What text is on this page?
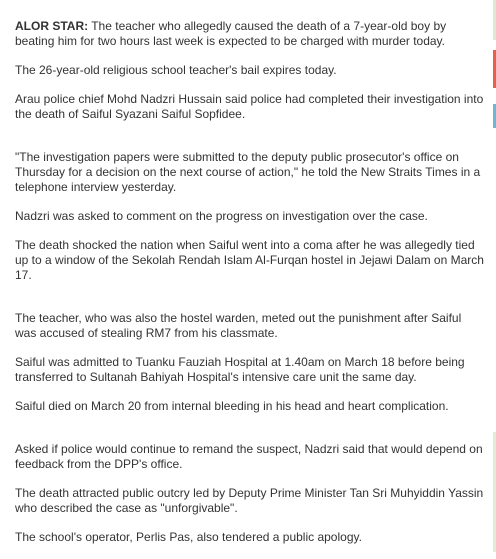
ALOR STAR: The teacher who allegedly caused the death of a 7-year-old boy by beating him for two hours last week is expected to be charged with murder today.

The 26-year-old religious school teacher's bail expires today.

Arau police chief Mohd Nadzri Hussain said police had completed their investigation into the death of Saiful Syazani Saiful Sopfidee.

"The investigation papers were submitted to the deputy public prosecutor's office on Thursday for a decision on the next course of action," he told the New Straits Times in a telephone interview yesterday.

Nadzri was asked to comment on the progress on investigation over the case.

The death shocked the nation when Saiful went into a coma after he was allegedly tied up to a window of the Sekolah Rendah Islam Al-Furqan hostel in Jejawi Dalam on March 17.

The teacher, who was also the hostel warden, meted out the punishment after Saiful was accused of stealing RM7 from his classmate.

Saiful was admitted to Tuanku Fauziah Hospital at 1.40am on March 18 before being transferred to Sultanah Bahiyah Hospital's intensive care unit the same day.

Saiful died on March 20 from internal bleeding in his head and heart complication.

Asked if police would continue to remand the suspect, Nadzri said that would depend on feedback from the DPP's office.

The death attracted public outcry led by Deputy Prime Minister Tan Sri Muhyiddin Yassin who described the case as "unforgivable".

The school's operator, Perlis Pas, also tendered a public apology.
